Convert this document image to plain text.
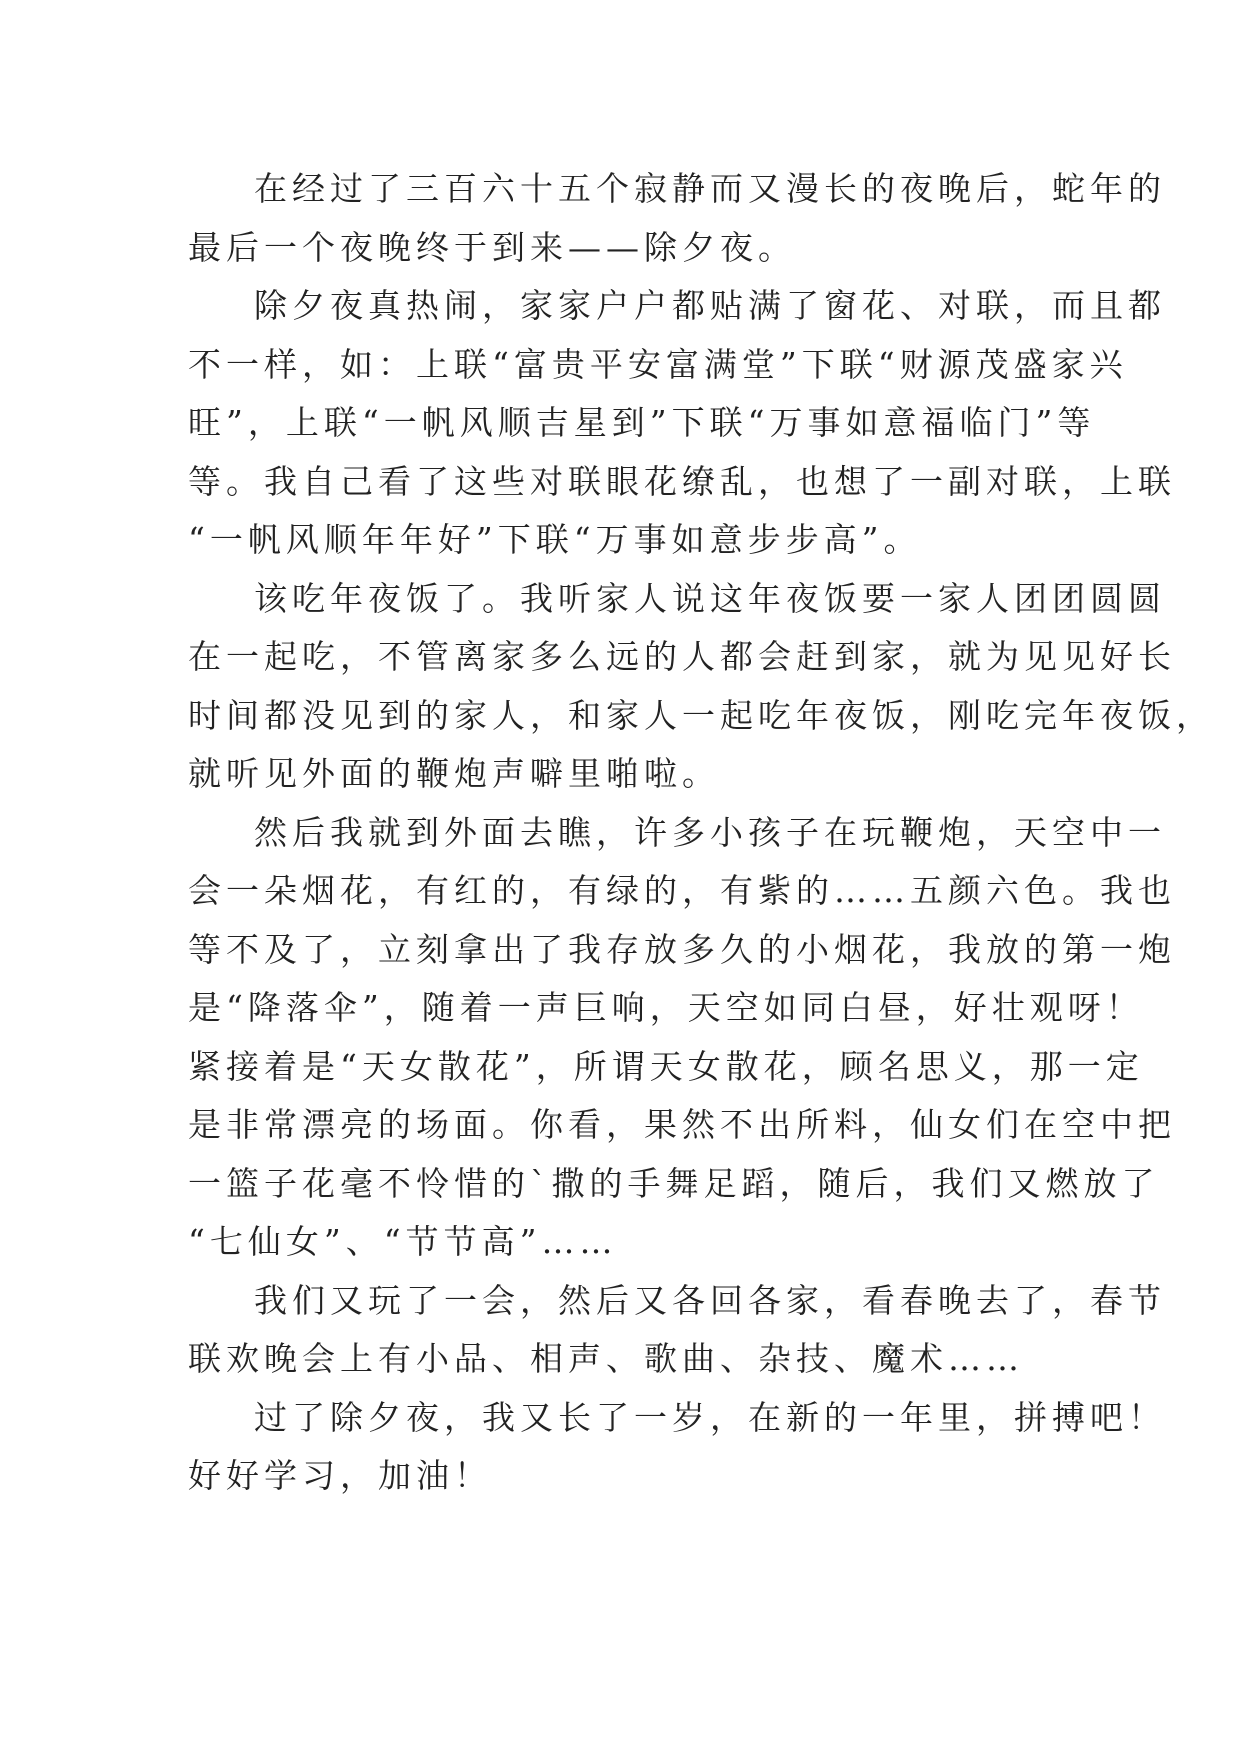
在经过了三百六十五个寂静而又漫长的夜晚后，蛇年的
最后一个夜晚终于到来——除夕夜。
除夕夜真热闹，家家户户都贴满了窗花、对联，而且都
不一样，如：上联“富贵平安富满堂”下联“财源茂盛家兴
旺”，上联“一帆风顺吉星到”下联“万事如意福临门”等
等。我自己看了这些对联眼花缭乱，也想了一副对联，上联
“一帆风顺年年好”下联“万事如意步步高”。
该吃年夜饭了。我听家人说这年夜饭要一家人团团圆圆
在一起吃，不管离家多么远的人都会赶到家，就为见见好长
时间都没见到的家人，和家人一起吃年夜饭，刚吃完年夜饭，
就听见外面的鞭炮声噼里啪啦。
然后我就到外面去瞧，许多小孩子在玩鞭炮，天空中一
会一朵烟花，有红的，有绿的，有紫的……五颜六色。我也
等不及了，立刻拿出了我存放多久的小烟花，我放的第一炮
是“降落伞”，随着一声巨响，天空如同白昼，好壮观呀！
紧接着是“天女散花”，所谓天女散花，顾名思义，那一定
是非常漂亮的场面。你看，果然不出所料，仙女们在空中把
一篮子花毫不怜惜的`撒的手舞足蹈，随后，我们又燃放了
“七仙女”、“节节高”……
我们又玩了一会，然后又各回各家，看春晚去了，春节
联欢晚会上有小品、相声、歌曲、杂技、魔术……
过了除夕夜，我又长了一岁，在新的一年里，拼搏吧！
好好学习，加油！
